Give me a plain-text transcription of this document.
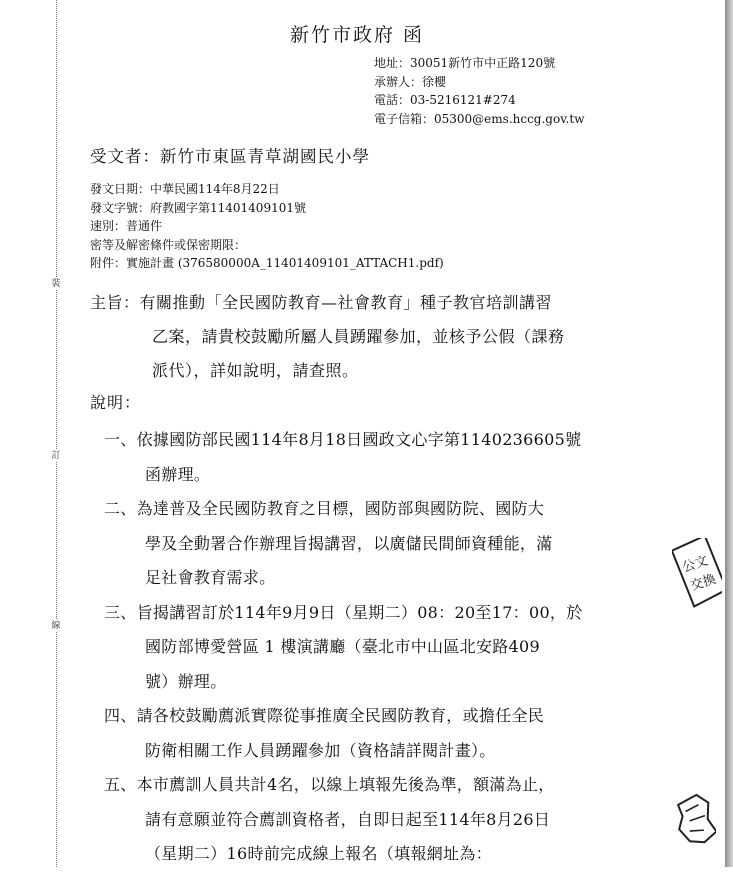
裝
訂
線
新竹市政府 函
地址：30051新竹市中正路120號
承辦人：徐櫻
電話：03-5216121#274
電子信箱：05300@ems.hccg.gov.tw
受文者：新竹市東區青草湖國民小學
發文日期：中華民國114年8月22日
發文字號：府教國字第11401409101號
速別：普通件
密等及解密條件或保密期限：
附件：實施計畫 (376580000A_11401409101_ATTACH1.pdf)
主旨：有關推動「全民國防教育—社會教育」種子教官培訓講習
乙案，請貴校鼓勵所屬人員踴躍參加，並核予公假（課務
派代），詳如說明，請查照。
說明：
一、依據國防部民國114年8月18日國政文心字第1140236605號
函辦理。
二、為達普及全民國防教育之目標，國防部與國防院、國防大
學及全動署合作辦理旨揭講習，以廣儲民間師資種能，滿
足社會教育需求。
三、旨揭講習訂於114年9月9日（星期二）08：20至17：00，於
國防部博愛營區 1 樓演講廳（臺北市中山區北安路409
號）辦理。
四、請各校鼓勵薦派實際從事推廣全民國防教育，或擔任全民
防衛相關工作人員踴躍參加（資格請詳閱計畫）。
五、本市薦訓人員共計4名，以線上填報先後為準，額滿為止，
請有意願並符合薦訓資格者，自即日起至114年8月26日
（星期二）16時前完成線上報名（填報網址為：
公文
交換
